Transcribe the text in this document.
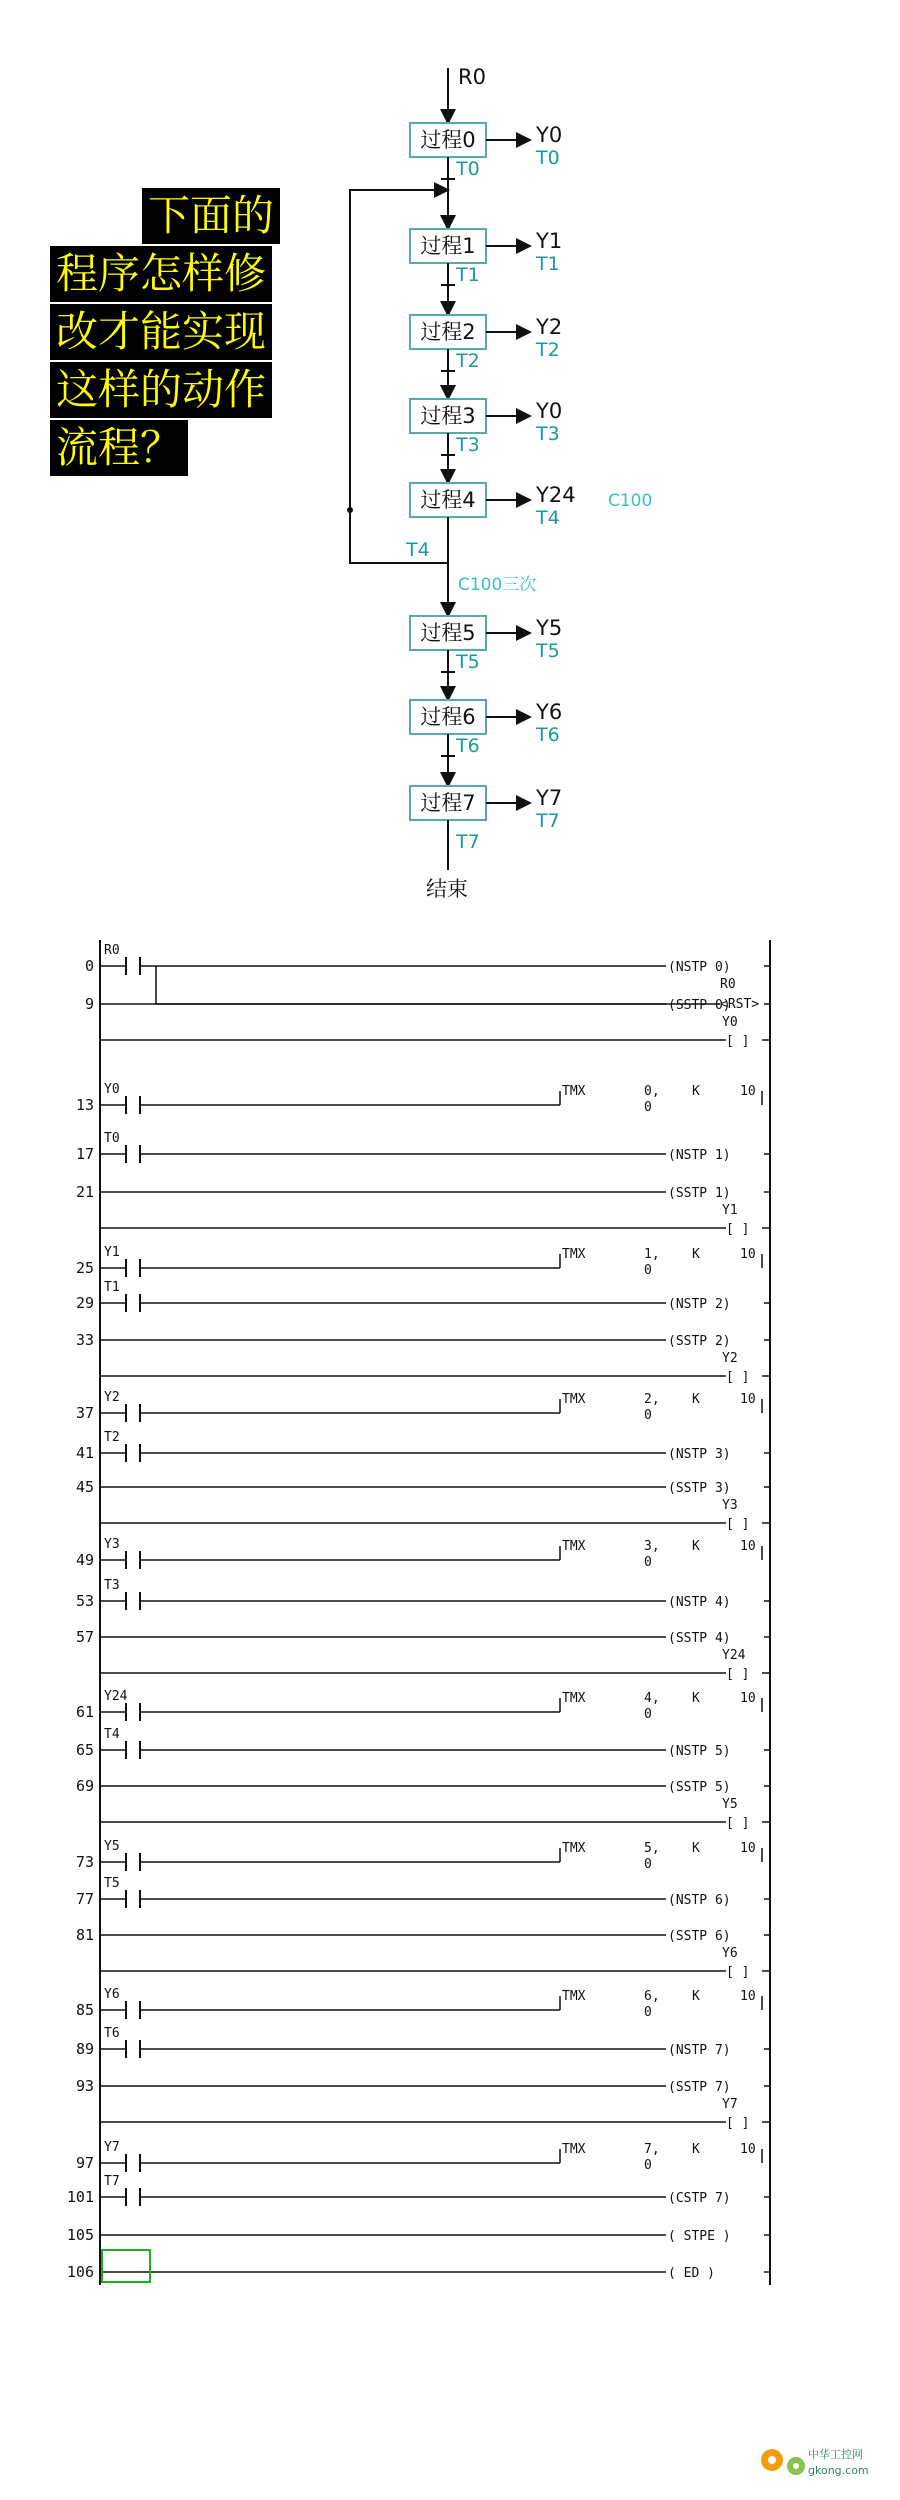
R0
过程0	Y0
T0
T0
过程1	Y1
T1
T1
过程2	Y2
T2
T2
过程3	Y0
T3
T3
过程4	Y24
T4
C100
过程5	Y5
T5
T5
过程6	Y6
T6
T6
过程7	Y7
T7
T7
结束
T4
C100三次
下面的
程序怎样修
改才能实现
这样的动作
流程？
0
R0
(NSTP 0)
R0
<RST>
9	(SSTP 0)
Y0
[ ]
13
Y0	TMX	0,
0
K	10
17
T0
(NSTP 1)
21	(SSTP 1)
Y1
[ ]
25
Y1	TMX	1,
0
K	10
29
T1
(NSTP 2)
33	(SSTP 2)
Y2
[ ]
37
Y2	TMX	2,
0
K	10
41
T2
(NSTP 3)
45	(SSTP 3)
Y3
[ ]
49
Y3	TMX	3,
0
K	10
53
T3
(NSTP 4)
57	(SSTP 4)
Y24
[ ]
61
Y24	TMX	4,
0
K	10
65
T4
(NSTP 5)
69	(SSTP 5)
Y5
[ ]
73
Y5	TMX	5,
0
K	10
77
T5
(NSTP 6)
81	(SSTP 6)
Y6
[ ]
85
Y6	TMX	6,
0
K	10
89
T6
(NSTP 7)
93	(SSTP 7)
Y7
[ ]
97
Y7	TMX	7,
0
K	10
101
T7
(CSTP 7)
105	( STPE )
106	( ED )
中华工控网
gkong.com
